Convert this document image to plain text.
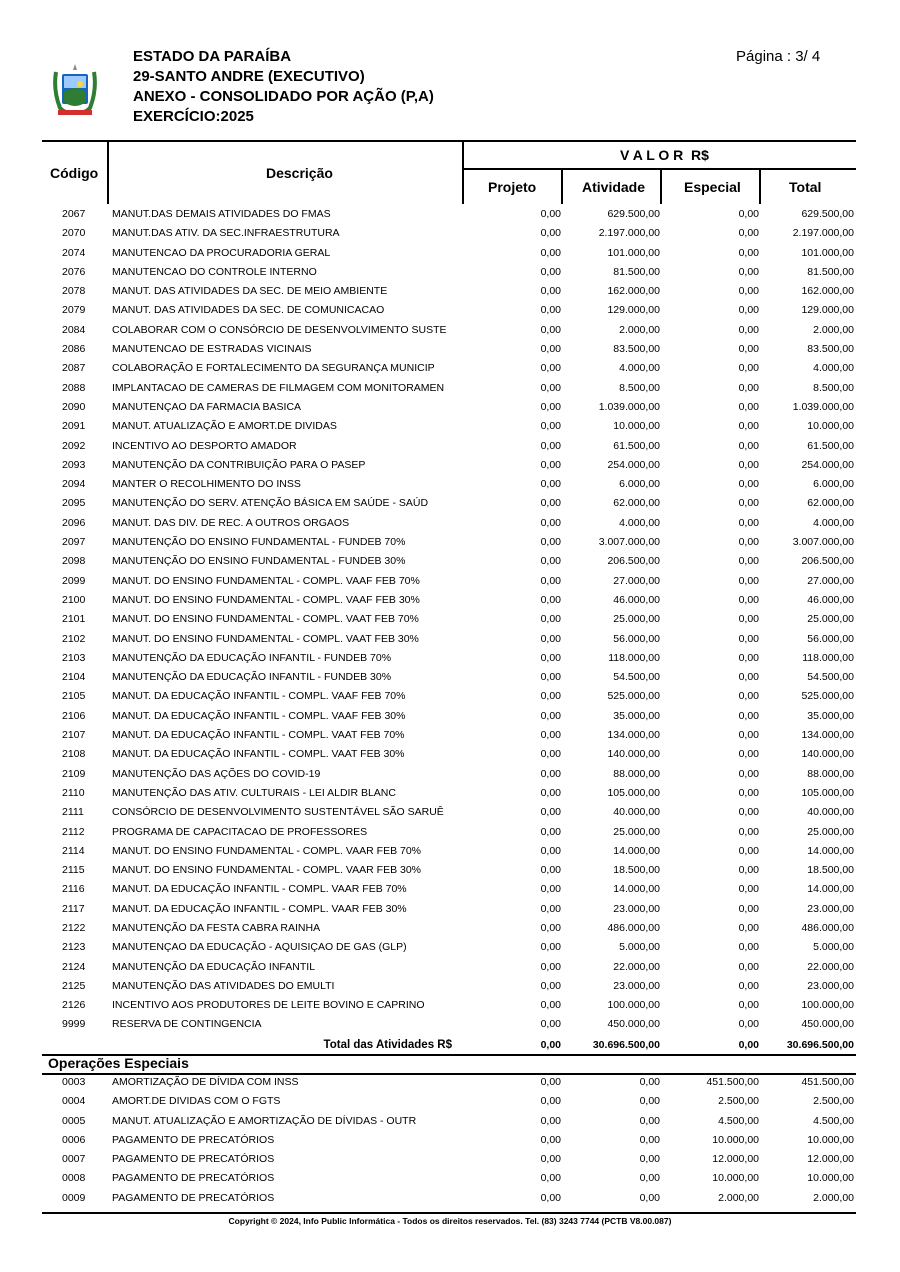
ESTADO DA PARAÍBA
29-SANTO ANDRE (EXECUTIVO)
ANEXO - CONSOLIDADO POR AÇÃO (P,A)
EXERCÍCIO:2025
Página : 3/ 4
Código	Descrição
V A L O R  R$
Projeto	Atividade	Especial	Total
2067	MANUT.DAS DEMAIS ATIVIDADES DO FMAS	0,00	629.500,00	0,00	629.500,00
2070	MANUT.DAS ATIV. DA SEC.INFRAESTRUTURA	0,00	2.197.000,00	0,00	2.197.000,00
2074	MANUTENCAO DA PROCURADORIA GERAL	0,00	101.000,00	0,00	101.000,00
2076	MANUTENCAO DO CONTROLE INTERNO	0,00	81.500,00	0,00	81.500,00
2078	MANUT. DAS ATIVIDADES DA SEC. DE MEIO AMBIENTE	0,00	162.000,00	0,00	162.000,00
2079	MANUT. DAS ATIVIDADES DA SEC. DE COMUNICACAO	0,00	129.000,00	0,00	129.000,00
2084	COLABORAR COM O CONSÓRCIO DE DESENVOLVIMENTO SUSTE	0,00	2.000,00	0,00	2.000,00
2086	MANUTENCAO DE ESTRADAS VICINAIS	0,00	83.500,00	0,00	83.500,00
2087	COLABORAÇÃO E FORTALECIMENTO DA SEGURANÇA MUNICIP	0,00	4.000,00	0,00	4.000,00
2088	IMPLANTACAO DE CAMERAS DE FILMAGEM COM MONITORAMEN	0,00	8.500,00	0,00	8.500,00
2090	MANUTENÇAO DA FARMACIA BASICA	0,00	1.039.000,00	0,00	1.039.000,00
2091	MANUT. ATUALIZAÇÃO E AMORT.DE DIVIDAS	0,00	10.000,00	0,00	10.000,00
2092	INCENTIVO AO DESPORTO AMADOR	0,00	61.500,00	0,00	61.500,00
2093	MANUTENÇÃO DA CONTRIBUIÇÃO PARA O PASEP	0,00	254.000,00	0,00	254.000,00
2094	MANTER O RECOLHIMENTO DO INSS	0,00	6.000,00	0,00	6.000,00
2095	MANUTENÇÃO DO SERV. ATENÇÃO BÁSICA EM SAÚDE - SAÚD	0,00	62.000,00	0,00	62.000,00
2096	MANUT. DAS DIV. DE REC. A OUTROS ORGAOS	0,00	4.000,00	0,00	4.000,00
2097	MANUTENÇÃO DO ENSINO FUNDAMENTAL - FUNDEB 70%	0,00	3.007.000,00	0,00	3.007.000,00
2098	MANUTENÇÃO DO ENSINO FUNDAMENTAL - FUNDEB 30%	0,00	206.500,00	0,00	206.500,00
2099	MANUT. DO ENSINO FUNDAMENTAL - COMPL. VAAF FEB 70%	0,00	27.000,00	0,00	27.000,00
2100	MANUT. DO ENSINO FUNDAMENTAL - COMPL. VAAF FEB 30%	0,00	46.000,00	0,00	46.000,00
2101	MANUT. DO ENSINO FUNDAMENTAL - COMPL. VAAT FEB 70%	0,00	25.000,00	0,00	25.000,00
2102	MANUT. DO ENSINO FUNDAMENTAL - COMPL. VAAT FEB 30%	0,00	56.000,00	0,00	56.000,00
2103	MANUTENÇÃO DA EDUCAÇÃO INFANTIL - FUNDEB 70%	0,00	118.000,00	0,00	118.000,00
2104	MANUTENÇÃO DA EDUCAÇÃO INFANTIL - FUNDEB 30%	0,00	54.500,00	0,00	54.500,00
2105	MANUT. DA EDUCAÇÃO INFANTIL - COMPL. VAAF FEB 70%	0,00	525.000,00	0,00	525.000,00
2106	MANUT. DA EDUCAÇÃO INFANTIL - COMPL. VAAF FEB 30%	0,00	35.000,00	0,00	35.000,00
2107	MANUT. DA EDUCAÇÃO INFANTIL - COMPL. VAAT FEB 70%	0,00	134.000,00	0,00	134.000,00
2108	MANUT. DA EDUCAÇÃO INFANTIL - COMPL. VAAT FEB 30%	0,00	140.000,00	0,00	140.000,00
2109	MANUTENÇÃO DAS AÇÕES DO COVID-19	0,00	88.000,00	0,00	88.000,00
2110	MANUTENÇÃO DAS ATIV. CULTURAIS - LEI ALDIR BLANC	0,00	105.000,00	0,00	105.000,00
2111	CONSÓRCIO DE DESENVOLVIMENTO SUSTENTÁVEL SÃO SARUÊ	0,00	40.000,00	0,00	40.000,00
2112	PROGRAMA DE CAPACITACAO DE PROFESSORES	0,00	25.000,00	0,00	25.000,00
2114	MANUT. DO ENSINO FUNDAMENTAL - COMPL. VAAR FEB 70%	0,00	14.000,00	0,00	14.000,00
2115	MANUT. DO ENSINO FUNDAMENTAL - COMPL. VAAR FEB 30%	0,00	18.500,00	0,00	18.500,00
2116	MANUT. DA EDUCAÇÃO INFANTIL - COMPL. VAAR FEB 70%	0,00	14.000,00	0,00	14.000,00
2117	MANUT. DA EDUCAÇÃO INFANTIL - COMPL. VAAR FEB 30%	0,00	23.000,00	0,00	23.000,00
2122	MANUTENÇÃO DA FESTA CABRA RAINHA	0,00	486.000,00	0,00	486.000,00
2123	MANUTENÇAO DA EDUCAÇÃO - AQUISIÇAO DE GAS (GLP)	0,00	5.000,00	0,00	5.000,00
2124	MANUTENÇÃO DA EDUCAÇÃO INFANTIL	0,00	22.000,00	0,00	22.000,00
2125	MANUTENÇÃO DAS ATIVIDADES DO EMULTI	0,00	23.000,00	0,00	23.000,00
2126	INCENTIVO AOS PRODUTORES DE LEITE BOVINO E CAPRINO	0,00	100.000,00	0,00	100.000,00
9999	RESERVA DE CONTINGENCIA	0,00	450.000,00	0,00	450.000,00
Total das Atividades R$	0,00	30.696.500,00	0,00	30.696.500,00
Operações Especiais
0003	AMORTIZAÇÃO DE DÍVIDA COM INSS	0,00	0,00	451.500,00	451.500,00
0004	AMORT.DE DIVIDAS COM O FGTS	0,00	0,00	2.500,00	2.500,00
0005	MANUT. ATUALIZAÇÃO E AMORTIZAÇÃO DE DÍVIDAS - OUTR	0,00	0,00	4.500,00	4.500,00
0006	PAGAMENTO DE PRECATÓRIOS	0,00	0,00	10.000,00	10.000,00
0007	PAGAMENTO DE PRECATÓRIOS	0,00	0,00	12.000,00	12.000,00
0008	PAGAMENTO DE PRECATÓRIOS	0,00	0,00	10.000,00	10.000,00
0009	PAGAMENTO DE PRECATÓRIOS	0,00	0,00	2.000,00	2.000,00
Copyright © 2024, Info Public Informática - Todos os direitos reservados. Tel. (83) 3243 7744 (PCTB V8.00.087)
